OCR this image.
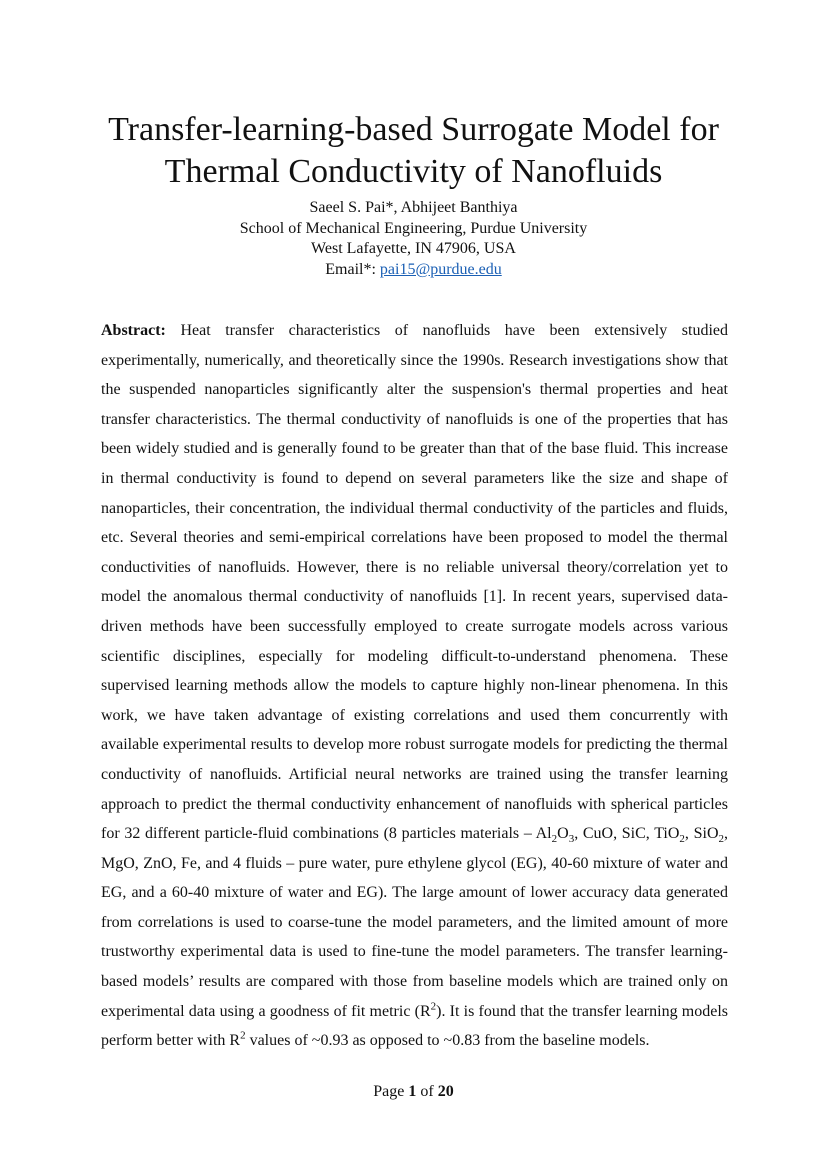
Transfer-learning-based Surrogate Model for
Thermal Conductivity of Nanofluids
Saeel S. Pai*, Abhijeet Banthiya
School of Mechanical Engineering, Purdue University
West Lafayette, IN 47906, USA
Email*: pai15@purdue.edu

Abstract: Heat transfer characteristics of nanofluids have been extensively studied experimentally, numerically, and theoretically since the 1990s. Research investigations show that the suspended nanoparticles significantly alter the suspension's thermal properties and heat transfer characteristics. The thermal conductivity of nanofluids is one of the properties that has been widely studied and is generally found to be greater than that of the base fluid. This increase in thermal conductivity is found to depend on several parameters like the size and shape of nanoparticles, their concentration, the individual thermal conductivity of the particles and fluids, etc. Several theories and semi-empirical correlations have been proposed to model the thermal conductivities of nanofluids. However, there is no reliable universal theory/correlation yet to model the anomalous thermal conductivity of nanofluids [1]. In recent years, supervised data-driven methods have been successfully employed to create surrogate models across various scientific disciplines, especially for modeling difficult-to-understand phenomena. These supervised learning methods allow the models to capture highly non-linear phenomena. In this work, we have taken advantage of existing correlations and used them concurrently with available experimental results to develop more robust surrogate models for predicting the thermal conductivity of nanofluids. Artificial neural networks are trained using the transfer learning approach to predict the thermal conductivity enhancement of nanofluids with spherical particles for 32 different particle-fluid combinations (8 particles materials – $Al_2O_3$, CuO, SiC, TiO$_2$, SiO$_2$, MgO, ZnO, Fe, and 4 fluids – pure water, pure ethylene glycol (EG), 40-60 mixture of water and EG, and a 60-40 mixture of water and EG). The large amount of lower accuracy data generated from correlations is used to coarse-tune the model parameters, and the limited amount of more trustworthy experimental data is used to fine-tune the model parameters. The transfer learning-based models’ results are compared with those from baseline models which are trained only on experimental data using a goodness of fit metric $(R^2)$. It is found that the transfer learning models perform better with $R^2$ values of ~0.93 as opposed to ~0.83 from the baseline models.

Page 1 of 20
